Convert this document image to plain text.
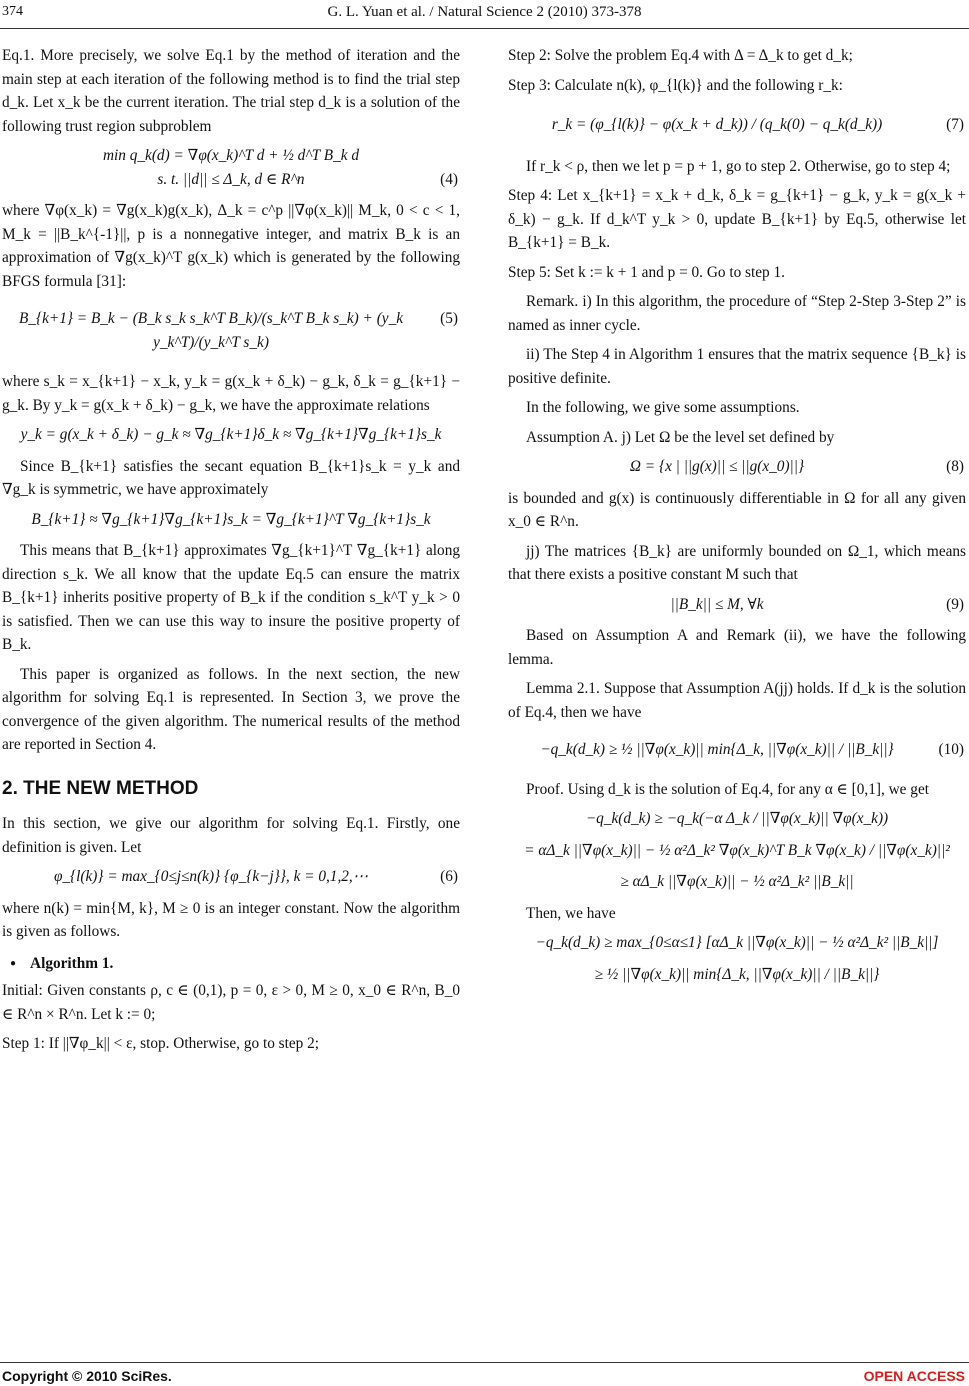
374	G. L. Yuan et al. / Natural Science 2 (2010) 373-378

Eq.1. More precisely, we solve Eq.1 by the method of iteration and the main step at each iteration of the following method is to find the trial step d_k. Let x_k be the current iteration. The trial step d_k is a solution of the following trust region subproblem

min q_k(d) = ∇φ(x_k)^T d + ½ d^T B_k d
s. t. ||d|| ≤ Δ_k, d ∈ R^n	(4)

where ∇φ(x_k) = ∇g(x_k)g(x_k), Δ_k = c^p ||∇φ(x_k)|| M_k, 0 < c < 1, M_k = ||B_k^{-1}||, p is a nonnegative integer, and matrix B_k is an approximation of ∇g(x_k)^T g(x_k) which is generated by the following BFGS formula [31]:

B_{k+1} = B_k − (B_k s_k s_k^T B_k)/(s_k^T B_k s_k) + (y_k y_k^T)/(y_k^T s_k)
(5)

where s_k = x_{k+1} − x_k, y_k = g(x_k + δ_k) − g_k, δ_k = g_{k+1} − g_k. By y_k = g(x_k + δ_k) − g_k, we have the approximate relations

y_k = g(x_k + δ_k) − g_k ≈ ∇g_{k+1}δ_k ≈ ∇g_{k+1}∇g_{k+1}s_k

Since B_{k+1} satisfies the secant equation B_{k+1}s_k = y_k and ∇g_k is symmetric, we have approximately

B_{k+1} ≈ ∇g_{k+1}∇g_{k+1}s_k = ∇g_{k+1}^T ∇g_{k+1}s_k

This means that B_{k+1} approximates ∇g_{k+1}^T ∇g_{k+1} along direction s_k. We all know that the update Eq.5 can ensure the matrix B_{k+1} inherits positive property of B_k if the condition s_k^T y_k > 0 is satisfied. Then we can use this way to insure the positive property of B_k.

This paper is organized as follows. In the next section, the new algorithm for solving Eq.1 is represented. In Section 3, we prove the convergence of the given algorithm. The numerical results of the method are reported in Section 4.

2. THE NEW METHOD

In this section, we give our algorithm for solving Eq.1. Firstly, one definition is given. Let

φ_{l(k)} = max_{0≤j≤n(k)} {φ_{k−j}}, k = 0,1,2,⋯	(6)

where n(k) = min{M, k}, M ≥ 0 is an integer constant. Now the algorithm is given as follows.

● Algorithm 1.

Initial: Given constants ρ, c ∈ (0,1), p = 0, ε > 0, M ≥ 0, x_0 ∈ R^n, B_0 ∈ R^n × R^n. Let k := 0;

Step 1: If ||∇φ_k|| < ε, stop. Otherwise, go to step 2;

Step 2: Solve the problem Eq.4 with Δ = Δ_k to get d_k;

Step 3: Calculate n(k), φ_{l(k)} and the following r_k:

r_k = (φ_{l(k)} − φ(x_k + d_k)) / (q_k(0) − q_k(d_k))	(7)

If r_k < ρ, then we let p = p + 1, go to step 2. Otherwise, go to step 4;

Step 4: Let x_{k+1} = x_k + d_k, δ_k = g_{k+1} − g_k, y_k = g(x_k + δ_k) − g_k. If d_k^T y_k > 0, update B_{k+1} by Eq.5, otherwise let B_{k+1} = B_k.

Step 5: Set k := k + 1 and p = 0. Go to step 1.

Remark. i) In this algorithm, the procedure of “Step 2-Step 3-Step 2” is named as inner cycle.

ii) The Step 4 in Algorithm 1 ensures that the matrix sequence {B_k} is positive definite.

In the following, we give some assumptions.

Assumption A. j) Let Ω be the level set defined by

Ω = {x | ||g(x)|| ≤ ||g(x_0)||}	(8)

is bounded and g(x) is continuously differentiable in Ω for all any given x_0 ∈ R^n.

jj) The matrices {B_k} are uniformly bounded on Ω_1, which means that there exists a positive constant M such that

||B_k|| ≤ M, ∀k	(9)

Based on Assumption A and Remark (ii), we have the following lemma.

Lemma 2.1. Suppose that Assumption A(jj) holds. If d_k is the solution of Eq.4, then we have

−q_k(d_k) ≥ ½ ||∇φ(x_k)|| min{Δ_k, ||∇φ(x_k)|| / ||B_k||}	(10)

Proof. Using d_k is the solution of Eq.4, for any α ∈ [0,1], we get

−q_k(d_k) ≥ −q_k(−α Δ_k / ||∇φ(x_k)|| ∇φ(x_k))
= αΔ_k ||∇φ(x_k)|| − ½ α²Δ_k² ∇φ(x_k)^T B_k ∇φ(x_k) / ||∇φ(x_k)||²
≥ αΔ_k ||∇φ(x_k)|| − ½ α²Δ_k² ||B_k||

Then, we have

−q_k(d_k) ≥ max_{0≤α≤1} [αΔ_k ||∇φ(x_k)|| − ½ α²Δ_k² ||B_k||]
≥ ½ ||∇φ(x_k)|| min{Δ_k, ||∇φ(x_k)|| / ||B_k||}
Copyright © 2010 SciRes.	OPEN ACCESS
